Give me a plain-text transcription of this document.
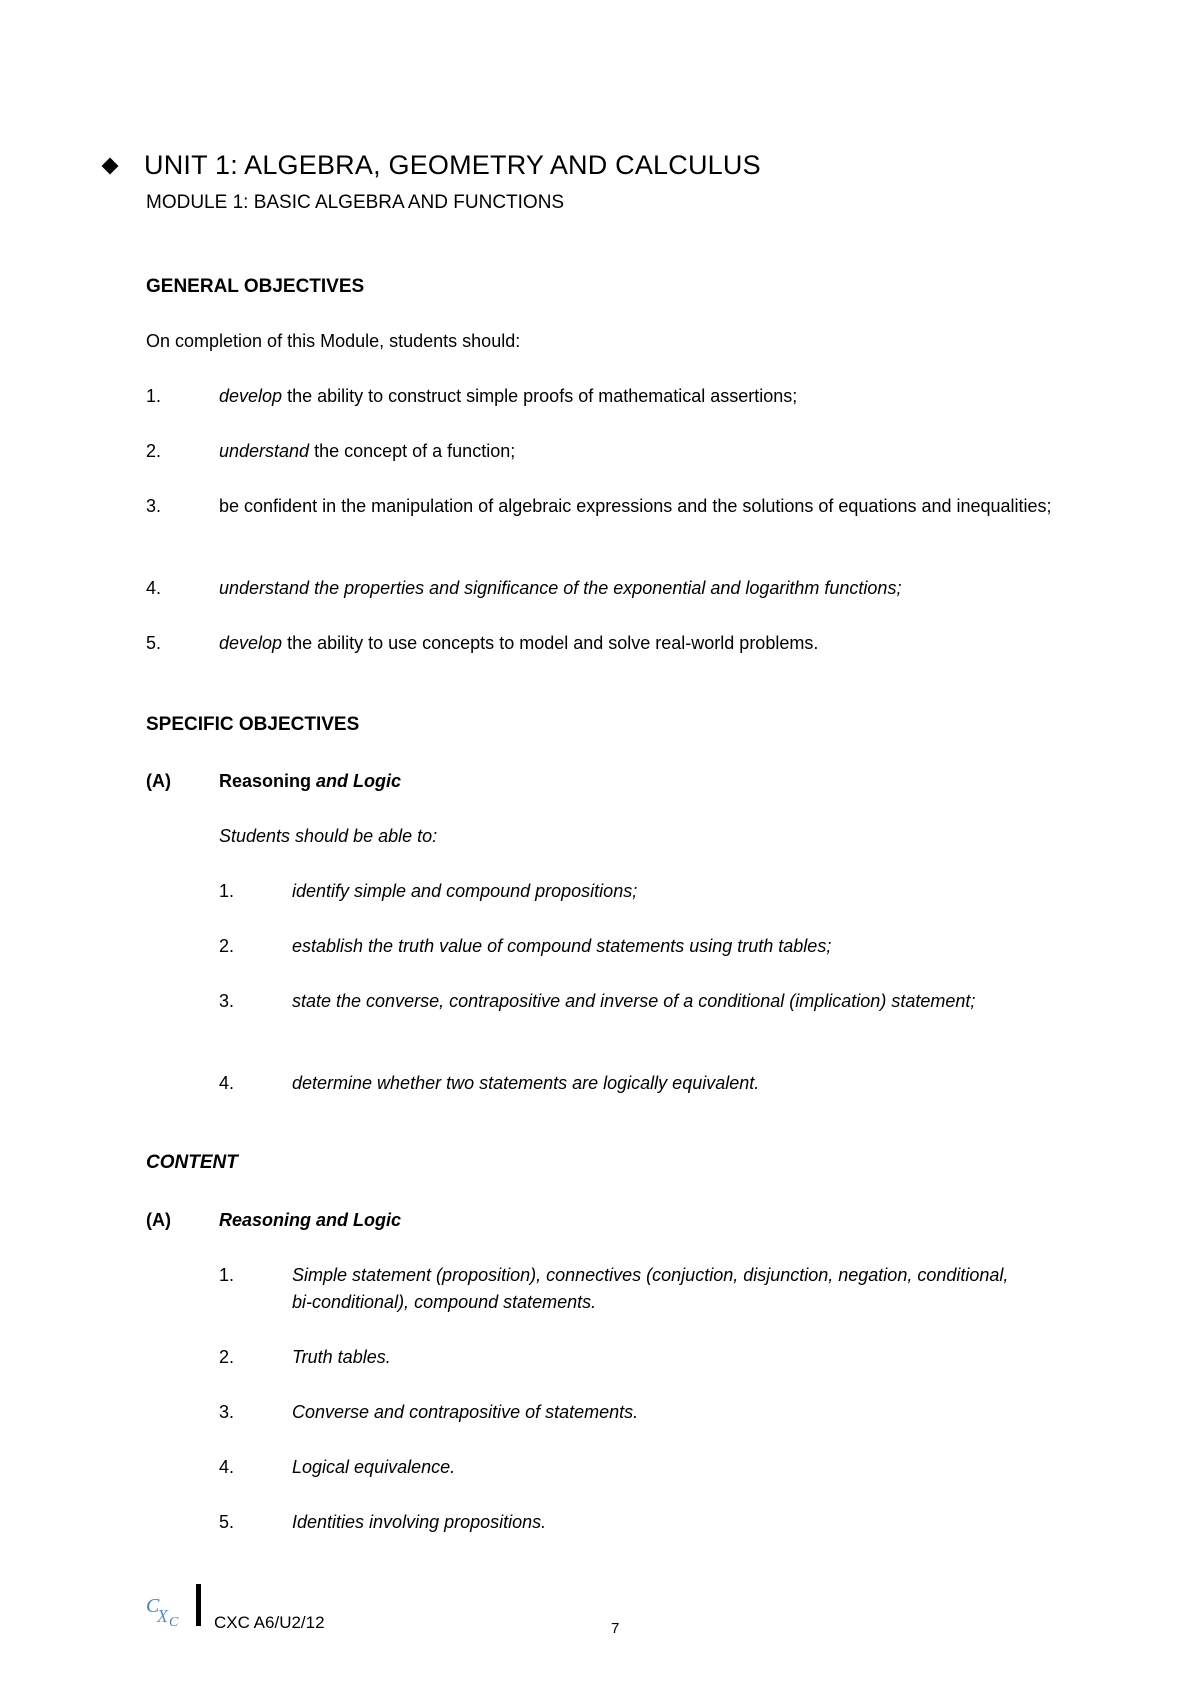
UNIT 1: ALGEBRA, GEOMETRY AND CALCULUS
MODULE 1: BASIC ALGEBRA AND FUNCTIONS
GENERAL OBJECTIVES
On completion of this Module, students should:
1.	develop the ability to construct simple proofs of mathematical assertions;
2.	understand the concept of a function;
3.	be confident in the manipulation of algebraic expressions and the solutions of equations and inequalities;
4.	understand the properties and significance of the exponential and logarithm functions;
5.	develop the ability to use concepts to model and solve real-world problems.
SPECIFIC OBJECTIVES
(A)	Reasoning and Logic
Students should be able to:
1.	identify simple and compound propositions;
2.	establish the truth value of compound statements using truth tables;
3.	state the converse, contrapositive and inverse of a conditional (implication) statement;
4.	determine whether two statements are logically equivalent.
CONTENT
(A)	Reasoning and Logic
1.	Simple statement (proposition), connectives (conjuction, disjunction, negation, conditional, bi-conditional), compound statements.
2.	Truth tables.
3.	Converse and contrapositive of statements.
4.	Logical equivalence.
5.	Identities involving propositions.
C
X C CXC A6/U2/12	7
